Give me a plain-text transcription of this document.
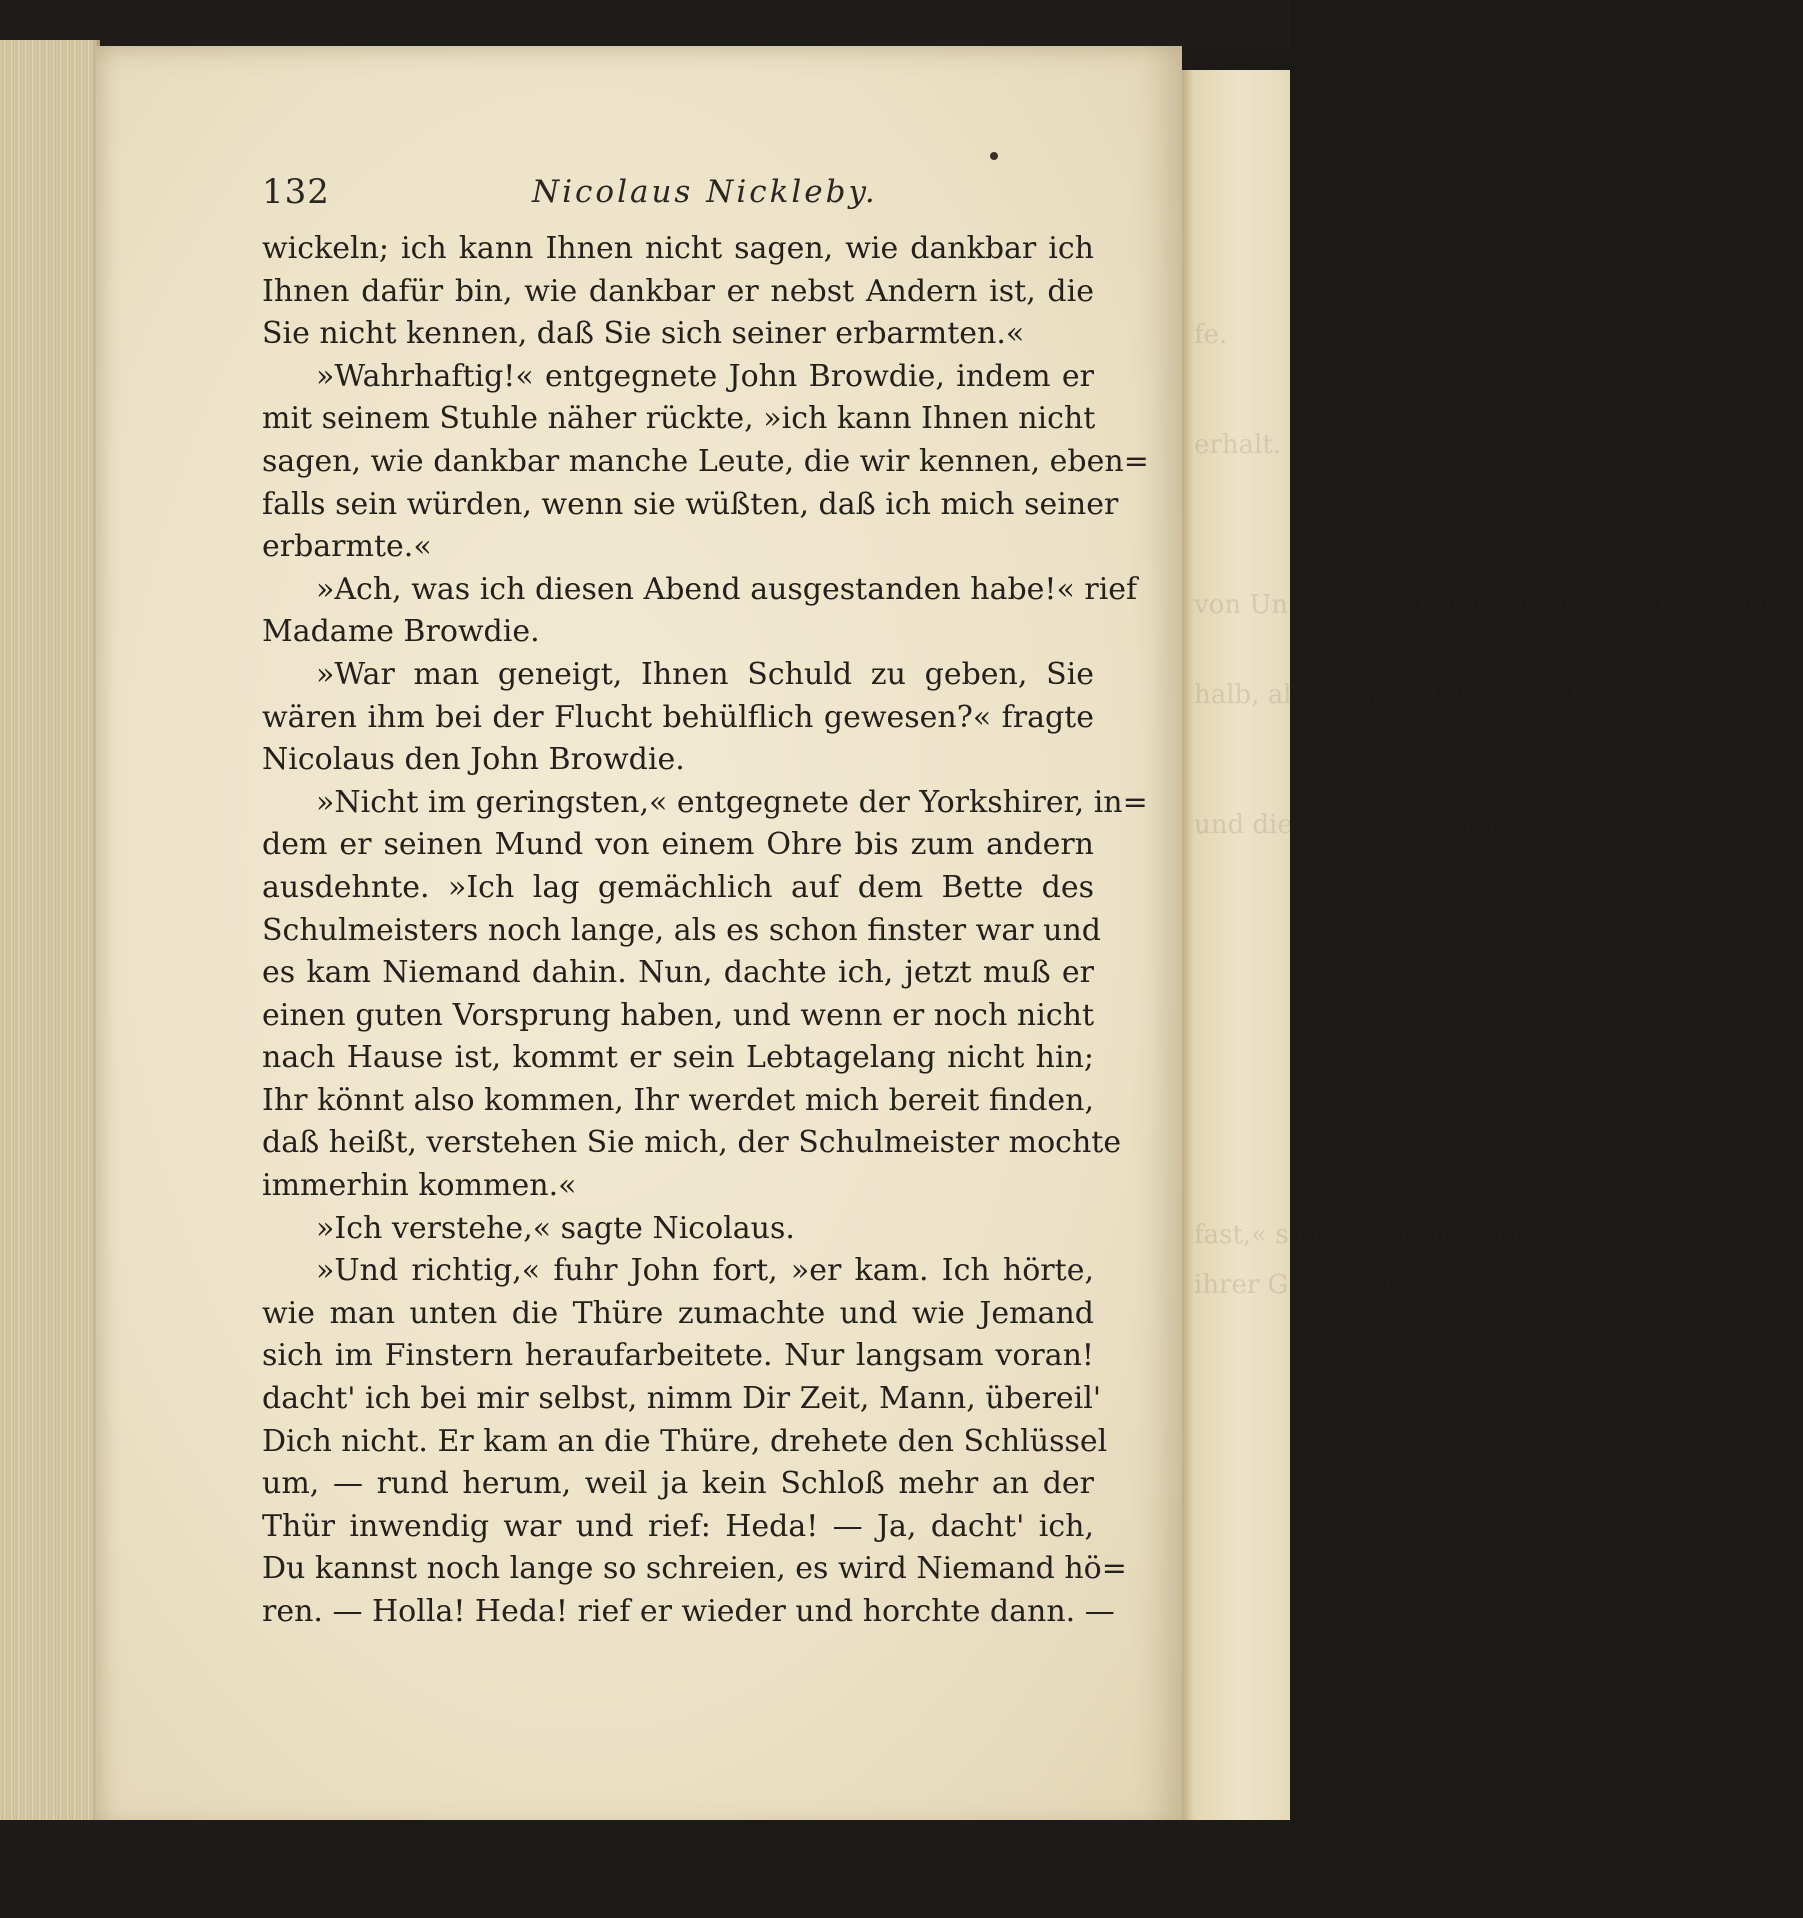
fe.
erhalt.
von Unterbrechungen von dem sanften Gleich
halb, als sie sah, daß er nichts über
und die Ueberraschung
fast,« sagte Nicolaus, bin um
ihrer Gesandt die ich
132	Nicolaus Nickleby.
wickeln; ich kann Ihnen nicht sagen, wie dankbar ich
Ihnen dafür bin, wie dankbar er nebst Andern ist, die
Sie nicht kennen, daß Sie sich seiner erbarmten.«
»Wahrhaftig!« entgegnete John Browdie, indem er
mit seinem Stuhle näher rückte, »ich kann Ihnen nicht
sagen, wie dankbar manche Leute, die wir kennen, eben=
falls sein würden, wenn sie wüßten, daß ich mich seiner
erbarmte.«
»Ach, was ich diesen Abend ausgestanden habe!« rief
Madame Browdie.
»War man geneigt, Ihnen Schuld zu geben, Sie
wären ihm bei der Flucht behülflich gewesen?« fragte
Nicolaus den John Browdie.
»Nicht im geringsten,« entgegnete der Yorkshirer, in=
dem er seinen Mund von einem Ohre bis zum andern
ausdehnte. »Ich lag gemächlich auf dem Bette des
Schulmeisters noch lange, als es schon finster war und
es kam Niemand dahin. Nun, dachte ich, jetzt muß er
einen guten Vorsprung haben, und wenn er noch nicht
nach Hause ist, kommt er sein Lebtagelang nicht hin;
Ihr könnt also kommen, Ihr werdet mich bereit finden,
daß heißt, verstehen Sie mich, der Schulmeister mochte
immerhin kommen.«
»Ich verstehe,« sagte Nicolaus.
»Und richtig,« fuhr John fort, »er kam. Ich hörte,
wie man unten die Thüre zumachte und wie Jemand
sich im Finstern heraufarbeitete. Nur langsam voran!
dacht' ich bei mir selbst, nimm Dir Zeit, Mann, übereil'
Dich nicht. Er kam an die Thüre, drehete den Schlüssel
um, — rund herum, weil ja kein Schloß mehr an der
Thür inwendig war und rief: Heda! — Ja, dacht' ich,
Du kannst noch lange so schreien, es wird Niemand hö=
ren. — Holla! Heda! rief er wieder und horchte dann. —
